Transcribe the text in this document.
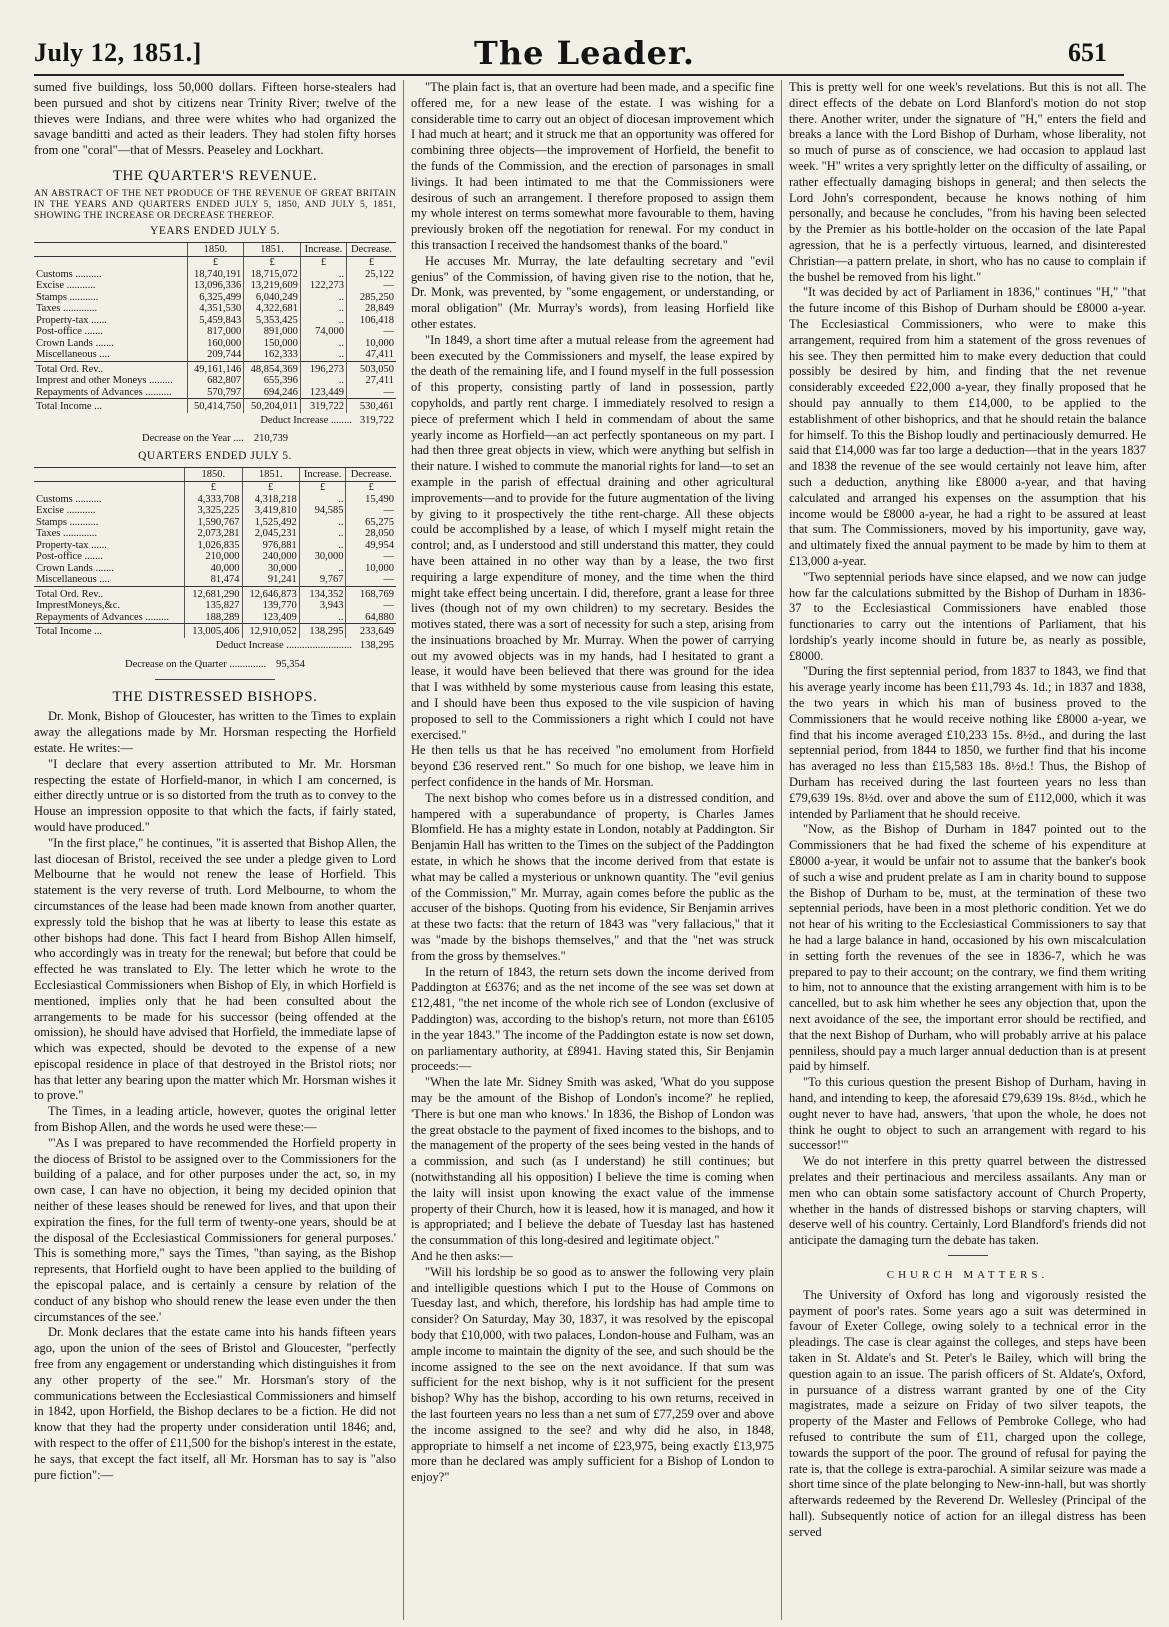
July 12, 1851.]	The Leader.	651

sumed five buildings, loss 50,000 dollars. Fifteen horse-stealers had been pursued and shot by citizens near Trinity River; twelve of the thieves were Indians, and three were whites who had organized the savage banditti and acted as their leaders. They had stolen fifty horses from one "coral"—that of Messrs. Peaseley and Lockhart.

THE QUARTER'S REVENUE.

AN ABSTRACT OF THE NET PRODUCE OF THE REVENUE OF GREAT BRITAIN IN THE YEARS AND QUARTERS ENDED JULY 5, 1850, AND JULY 5, 1851, SHOWING THE INCREASE OR DECREASE THEREOF.

YEARS ENDED JULY 5.
	1850.	1851.	Increase.	Decrease.
	£	£	£	£
Customs ..........	18,740,191	18,715,072	..	25,122
Excise ...........	13,096,336	13,219,609	122,273	—
Stamps ...........	6,325,499	6,040,249	..	285,250
Taxes .............	4,351,530	4,322,681	..	28,849
Property-tax ......	5,459,843	5,353,425	..	106,418
Post-office .......	817,000	891,000	74,000	—
Crown Lands .......	160,000	150,000	..	10,000
Miscellaneous ....	209,744	162,333	..	47,411
Total Ord. Rev..	49,161,146	48,854,369	196,273	503,050
Imprest and other Moneys .........	682,807	655,396	..	27,411
Repayments of Advances ..........	570,797	694,246	123,449	—
Total Income ...	50,414,750	50,204,011	319,722	530,461
Deduct Increase ........ 319,722
Decrease on the Year .... 210,739
QUARTERS ENDED JULY 5.
	1850.	1851.	Increase.	Decrease.
	£	£	£	£
Customs ..........	4,333,708	4,318,218	..	15,490
Excise ...........	3,325,225	3,419,810	94,585	—
Stamps ...........	1,590,767	1,525,492	..	65,275
Taxes .............	2,073,281	2,045,231	..	28,050
Property-tax ......	1,026,835	976,881	..	49,954
Post-office .......	210,000	240,000	30,000	—
Crown Lands .......	40,000	30,000	..	10,000
Miscellaneous ....	81,474	91,241	9,767	—
Total Ord. Rev..	12,681,290	12,646,873	134,352	168,769
ImprestMoneys,&c.	135,827	139,770	3,943	—
Repayments of Advances .........	188,289	123,409	..	64,880
Total Income ...	13,005,406	12,910,052	138,295	233,649
Deduct Increase ......................... 138,295
Decrease on the Quarter .............. 95,354
THE DISTRESSED BISHOPS.

Dr. Monk, Bishop of Gloucester, has written to the Times to explain away the allegations made by Mr. Horsman respecting the Horfield estate. He writes:—

"I declare that every assertion attributed to Mr. Mr. Horsman respecting the estate of Horfield-manor, in which I am concerned, is either directly untrue or is so distorted from the truth as to convey to the House an impression opposite to that which the facts, if fairly stated, would have produced."

"In the first place," he continues, "it is asserted that Bishop Allen, the last diocesan of Bristol, received the see under a pledge given to Lord Melbourne that he would not renew the lease of Horfield. This statement is the very reverse of truth. Lord Melbourne, to whom the circumstances of the lease had been made known from another quarter, expressly told the bishop that he was at liberty to lease this estate as other bishops had done. This fact I heard from Bishop Allen himself, who accordingly was in treaty for the renewal; but before that could be effected he was translated to Ely. The letter which he wrote to the Ecclesiastical Commissioners when Bishop of Ely, in which Horfield is mentioned, implies only that he had been consulted about the arrangements to be made for his successor (being offended at the omission), he should have advised that Horfield, the immediate lapse of which was expected, should be devoted to the expense of a new episcopal residence in place of that destroyed in the Bristol riots; nor has that letter any bearing upon the matter which Mr. Horsman wishes it to prove."

The Times, in a leading article, however, quotes the original letter from Bishop Allen, and the words he used were these:—

"'As I was prepared to have recommended the Horfield property in the diocess of Bristol to be assigned over to the Commissioners for the building of a palace, and for other purposes under the act, so, in my own case, I can have no objection, it being my decided opinion that neither of these leases should be renewed for lives, and that upon their expiration the fines, for the full term of twenty-one years, should be at the disposal of the Ecclesiastical Commissioners for general purposes.' This is something more," says the Times, "than saying, as the Bishop represents, that Horfield ought to have been applied to the building of the episcopal palace, and is certainly a censure by relation of the conduct of any bishop who should renew the lease even under the then circumstances of the see.'

Dr. Monk declares that the estate came into his hands fifteen years ago, upon the union of the sees of Bristol and Gloucester, "perfectly free from any engagement or understanding which distinguishes it from any other property of the see." Mr. Horsman's story of the communications between the Ecclesiastical Commissioners and himself in 1842, upon Horfield, the Bishop declares to be a fiction. He did not know that they had the property under consideration until 1846; and, with respect to the offer of £11,500 for the bishop's interest in the estate, he says, that except the fact itself, all Mr. Horsman has to say is "also pure fiction":—

"The plain fact is, that an overture had been made, and a specific fine offered me, for a new lease of the estate. I was wishing for a considerable time to carry out an object of diocesan improvement which I had much at heart; and it struck me that an opportunity was offered for combining three objects—the improvement of Horfield, the benefit to the funds of the Commission, and the erection of parsonages in small livings. It had been intimated to me that the Commissioners were desirous of such an arrangement. I therefore proposed to assign them my whole interest on terms somewhat more favourable to them, having previously broken off the negotiation for renewal. For my conduct in this transaction I received the handsomest thanks of the board."

He accuses Mr. Murray, the late defaulting secretary and "evil genius" of the Commission, of having given rise to the notion, that he, Dr. Monk, was prevented, by "some engagement, or understanding, or moral obligation" (Mr. Murray's words), from leasing Horfield like other estates.

"In 1849, a short time after a mutual release from the agreement had been executed by the Commissioners and myself, the lease expired by the death of the remaining life, and I found myself in the full possession of this property, consisting partly of land in possession, partly copyholds, and partly rent charge. I immediately resolved to resign a piece of preferment which I held in commendam of about the same yearly income as Horfield—an act perfectly spontaneous on my part. I had then three great objects in view, which were anything but selfish in their nature. I wished to commute the manorial rights for land—to set an example in the parish of effectual draining and other agricultural improvements—and to provide for the future augmentation of the living by giving to it prospectively the tithe rent-charge. All these objects could be accomplished by a lease, of which I myself might retain the control; and, as I understood and still understand this matter, they could have been attained in no other way than by a lease, the two first requiring a large expenditure of money, and the time when the third might take effect being uncertain. I did, therefore, grant a lease for three lives (though not of my own children) to my secretary. Besides the motives stated, there was a sort of necessity for such a step, arising from the insinuations broached by Mr. Murray. When the power of carrying out my avowed objects was in my hands, had I hesitated to grant a lease, it would have been believed that there was ground for the idea that I was withheld by some mysterious cause from leasing this estate, and I should have been thus exposed to the vile suspicion of having proposed to sell to the Commissioners a right which I could not have exercised."

He then tells us that he has received "no emolument from Horfield beyond £36 reserved rent." So much for one bishop, we leave him in perfect confidence in the hands of Mr. Horsman.

The next bishop who comes before us in a distressed condition, and hampered with a superabundance of property, is Charles James Blomfield. He has a mighty estate in London, notably at Paddington. Sir Benjamin Hall has written to the Times on the subject of the Paddington estate, in which he shows that the income derived from that estate is what may be called a mysterious or unknown quantity. The "evil genius of the Commission," Mr. Murray, again comes before the public as the accuser of the bishops. Quoting from his evidence, Sir Benjamin arrives at these two facts: that the return of 1843 was "very fallacious," that it was "made by the bishops themselves," and that the "net was struck from the gross by themselves."

In the return of 1843, the return sets down the income derived from Paddington at £6376; and as the net income of the see was set down at £12,481, "the net income of the whole rich see of London (exclusive of Paddington) was, according to the bishop's return, not more than £6105 in the year 1843." The income of the Paddington estate is now set down, on parliamentary authority, at £8941. Having stated this, Sir Benjamin proceeds:—

"When the late Mr. Sidney Smith was asked, 'What do you suppose may be the amount of the Bishop of London's income?' he replied, 'There is but one man who knows.' In 1836, the Bishop of London was the great obstacle to the payment of fixed incomes to the bishops, and to the management of the property of the sees being vested in the hands of a commission, and such (as I understand) he still continues; but (notwithstanding all his opposition) I believe the time is coming when the laity will insist upon knowing the exact value of the immense property of their Church, how it is leased, how it is managed, and how it is appropriated; and I believe the debate of Tuesday last has hastened the consummation of this long-desired and legitimate object."

And he then asks:—

"Will his lordship be so good as to answer the following very plain and intelligible questions which I put to the House of Commons on Tuesday last, and which, therefore, his lordship has had ample time to consider? On Saturday, May 30, 1837, it was resolved by the episcopal body that £10,000, with two palaces, London-house and Fulham, was an ample income to maintain the dignity of the see, and such should be the income assigned to the see on the next avoidance. If that sum was sufficient for the next bishop, why is it not sufficient for the present bishop? Why has the bishop, according to his own returns, received in the last fourteen years no less than a net sum of £77,259 over and above the income assigned to the see? and why did he also, in 1848, appropriate to himself a net income of £23,975, being exactly £13,975 more than he declared was amply sufficient for a Bishop of London to enjoy?"

This is pretty well for one week's revelations. But this is not all. The direct effects of the debate on Lord Blanford's motion do not stop there. Another writer, under the signature of "H," enters the field and breaks a lance with the Lord Bishop of Durham, whose liberality, not so much of purse as of conscience, we had occasion to applaud last week. "H" writes a very sprightly letter on the difficulty of assailing, or rather effectually damaging bishops in general; and then selects the Lord John's correspondent, because he knows nothing of him personally, and because he concludes, "from his having been selected by the Premier as his bottle-holder on the occasion of the late Papal agression, that he is a perfectly virtuous, learned, and disinterested Christian—a pattern prelate, in short, who has no cause to complain if the bushel be removed from his light."

"It was decided by act of Parliament in 1836," continues "H," "that the future income of this Bishop of Durham should be £8000 a-year. The Ecclesiastical Commissioners, who were to make this arrangement, required from him a statement of the gross revenues of his see. They then permitted him to make every deduction that could possibly be desired by him, and finding that the net revenue considerably exceeded £22,000 a-year, they finally proposed that he should pay annually to them £14,000, to be applied to the establishment of other bishoprics, and that he should retain the balance for himself. To this the Bishop loudly and pertinaciously demurred. He said that £14,000 was far too large a deduction—that in the years 1837 and 1838 the revenue of the see would certainly not leave him, after such a deduction, anything like £8000 a-year, and that having calculated and arranged his expenses on the assumption that his income would be £8000 a-year, he had a right to be assured at least that sum. The Commissioners, moved by his importunity, gave way, and ultimately fixed the annual payment to be made by him to them at £13,000 a-year.

"Two septennial periods have since elapsed, and we now can judge how far the calculations submitted by the Bishop of Durham in 1836-37 to the Ecclesiastical Commissioners have enabled those functionaries to carry out the intentions of Parliament, that his lordship's yearly income should in future be, as nearly as possible, £8000.

"During the first septennial period, from 1837 to 1843, we find that his average yearly income has been £11,793 4s. 1d.; in 1837 and 1838, the two years in which his man of business proved to the Commissioners that he would receive nothing like £8000 a-year, we find that his income averaged £10,233 15s. 8½d., and during the last septennial period, from 1844 to 1850, we further find that his income has averaged no less than £15,583 18s. 8½d.! Thus, the Bishop of Durham has received during the last fourteen years no less than £79,639 19s. 8½d. over and above the sum of £112,000, which it was intended by Parliament that he should receive.

"Now, as the Bishop of Durham in 1847 pointed out to the Commissioners that he had fixed the scheme of his expenditure at £8000 a-year, it would be unfair not to assume that the banker's book of such a wise and prudent prelate as I am in charity bound to suppose the Bishop of Durham to be, must, at the termination of these two septennial periods, have been in a most plethoric condition. Yet we do not hear of his writing to the Ecclesiastical Commissioners to say that he had a large balance in hand, occasioned by his own miscalculation in setting forth the revenues of the see in 1836-7, which he was prepared to pay to their account; on the contrary, we find them writing to him, not to announce that the existing arrangement with him is to be cancelled, but to ask him whether he sees any objection that, upon the next avoidance of the see, the important error should be rectified, and that the next Bishop of Durham, who will probably arrive at his palace penniless, should pay a much larger annual deduction than is at present paid by himself.

"To this curious question the present Bishop of Durham, having in hand, and intending to keep, the aforesaid £79,639 19s. 8½d., which he ought never to have had, answers, 'that upon the whole, he does not think he ought to object to such an arrangement with regard to his successor!'"

We do not interfere in this pretty quarrel between the distressed prelates and their pertinacious and merciless assailants. Any man or men who can obtain some satisfactory account of Church Property, whether in the hands of distressed bishops or starving chapters, will deserve well of his country. Certainly, Lord Blandford's friends did not anticipate the damaging turn the debate has taken.

CHURCH MATTERS.

The University of Oxford has long and vigorously resisted the payment of poor's rates. Some years ago a suit was determined in favour of Exeter College, owing solely to a technical error in the pleadings. The case is clear against the colleges, and steps have been taken in St. Aldate's and St. Peter's le Bailey, which will bring the question again to an issue. The parish officers of St. Aldate's, Oxford, in pursuance of a distress warrant granted by one of the City magistrates, made a seizure on Friday of two silver teapots, the property of the Master and Fellows of Pembroke College, who had refused to contribute the sum of £11, charged upon the college, towards the support of the poor. The ground of refusal for paying the rate is, that the college is extra-parochial. A similar seizure was made a short time since of the plate belonging to New-inn-hall, but was shortly afterwards redeemed by the Reverend Dr. Wellesley (Principal of the hall). Subsequently notice of action for an illegal distress has been served
